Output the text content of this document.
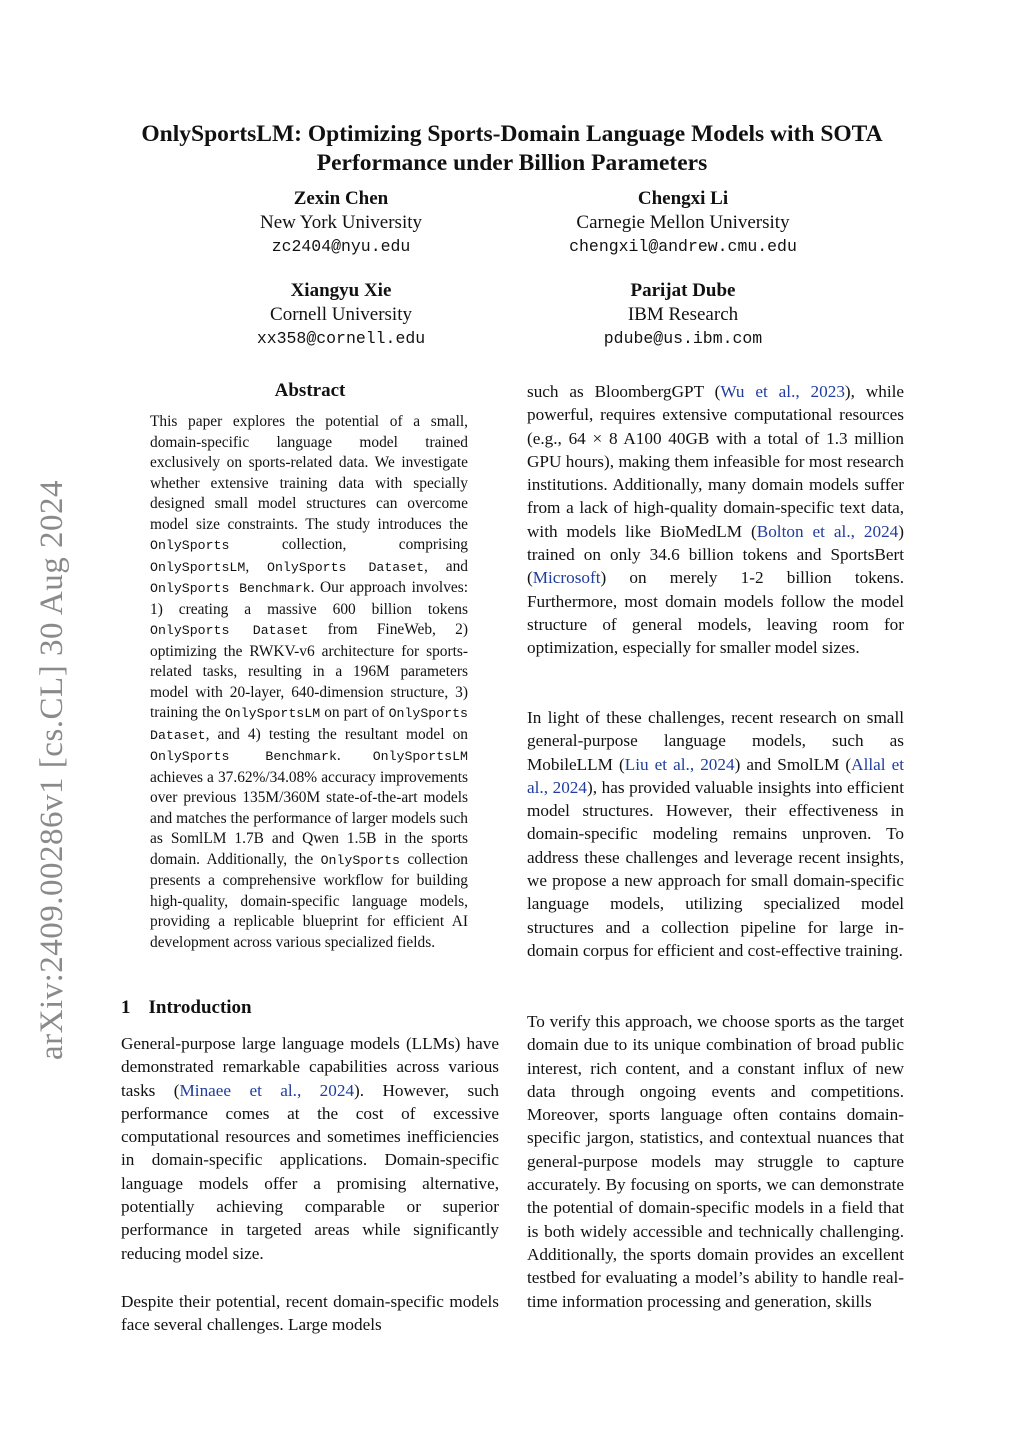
arXiv:2409.00286v1 [cs.CL] 30 Aug 2024
OnlySportsLM: Optimizing Sports-Domain Language Models with SOTA
Performance under Billion Parameters
Zexin Chen
New York University
zc2404@nyu.edu
Chengxi Li
Carnegie Mellon University
chengxil@andrew.cmu.edu
Xiangyu Xie
Cornell University
xx358@cornell.edu
Parijat Dube
IBM Research
pdube@us.ibm.com
Abstract

This paper explores the potential of a small, domain-specific language model trained exclusively on sports-related data. We investigate whether extensive training data with specially designed small model structures can overcome model size constraints. The study introduces the OnlySports collection, comprising OnlySportsLM, OnlySports Dataset, and OnlySports Benchmark. Our approach involves: 1) creating a massive 600 billion tokens OnlySports Dataset from FineWeb, 2) optimizing the RWKV-v6 architecture for sports-related tasks, resulting in a 196M parameters model with 20-layer, 640-dimension structure, 3) training the OnlySportsLM on part of OnlySports Dataset, and 4) testing the resultant model on OnlySports Benchmark. OnlySportsLM achieves a 37.62%/34.08% accuracy improvements over previous 135M/360M state-of-the-art models and matches the performance of larger models such as SomlLM 1.7B and Qwen 1.5B in the sports domain. Additionally, the OnlySports collection presents a comprehensive workflow for building high-quality, domain-specific language models, providing a replicable blueprint for efficient AI development across various specialized fields.

1 Introduction

General-purpose large language models (LLMs) have demonstrated remarkable capabilities across various tasks (Minaee et al., 2024). However, such performance comes at the cost of excessive computational resources and sometimes inefficiencies in domain-specific applications. Domain-specific language models offer a promising alternative, potentially achieving comparable or superior performance in targeted areas while significantly reducing model size.

Despite their potential, recent domain-specific models face several challenges. Large models

such as BloombergGPT (Wu et al., 2023), while powerful, requires extensive computational resources (e.g., 64 × 8 A100 40GB with a total of 1.3 million GPU hours), making them infeasible for most research institutions. Additionally, many domain models suffer from a lack of high-quality domain-specific text data, with models like BioMedLM (Bolton et al., 2024) trained on only 34.6 billion tokens and SportsBert (Microsoft) on merely 1-2 billion tokens. Furthermore, most domain models follow the model structure of general models, leaving room for optimization, especially for smaller model sizes.

In light of these challenges, recent research on small general-purpose language models, such as MobileLLM (Liu et al., 2024) and SmolLM (Allal et al., 2024), has provided valuable insights into efficient model structures. However, their effectiveness in domain-specific modeling remains unproven. To address these challenges and leverage recent insights, we propose a new approach for small domain-specific language models, utilizing specialized model structures and a collection pipeline for large in-domain corpus for efficient and cost-effective training.

To verify this approach, we choose sports as the target domain due to its unique combination of broad public interest, rich content, and a constant influx of new data through ongoing events and competitions. Moreover, sports language often contains domain-specific jargon, statistics, and contextual nuances that general-purpose models may struggle to capture accurately. By focusing on sports, we can demonstrate the potential of domain-specific models in a field that is both widely accessible and technically challenging. Additionally, the sports domain provides an excellent testbed for evaluating a model’s ability to handle real-time information processing and generation, skills
